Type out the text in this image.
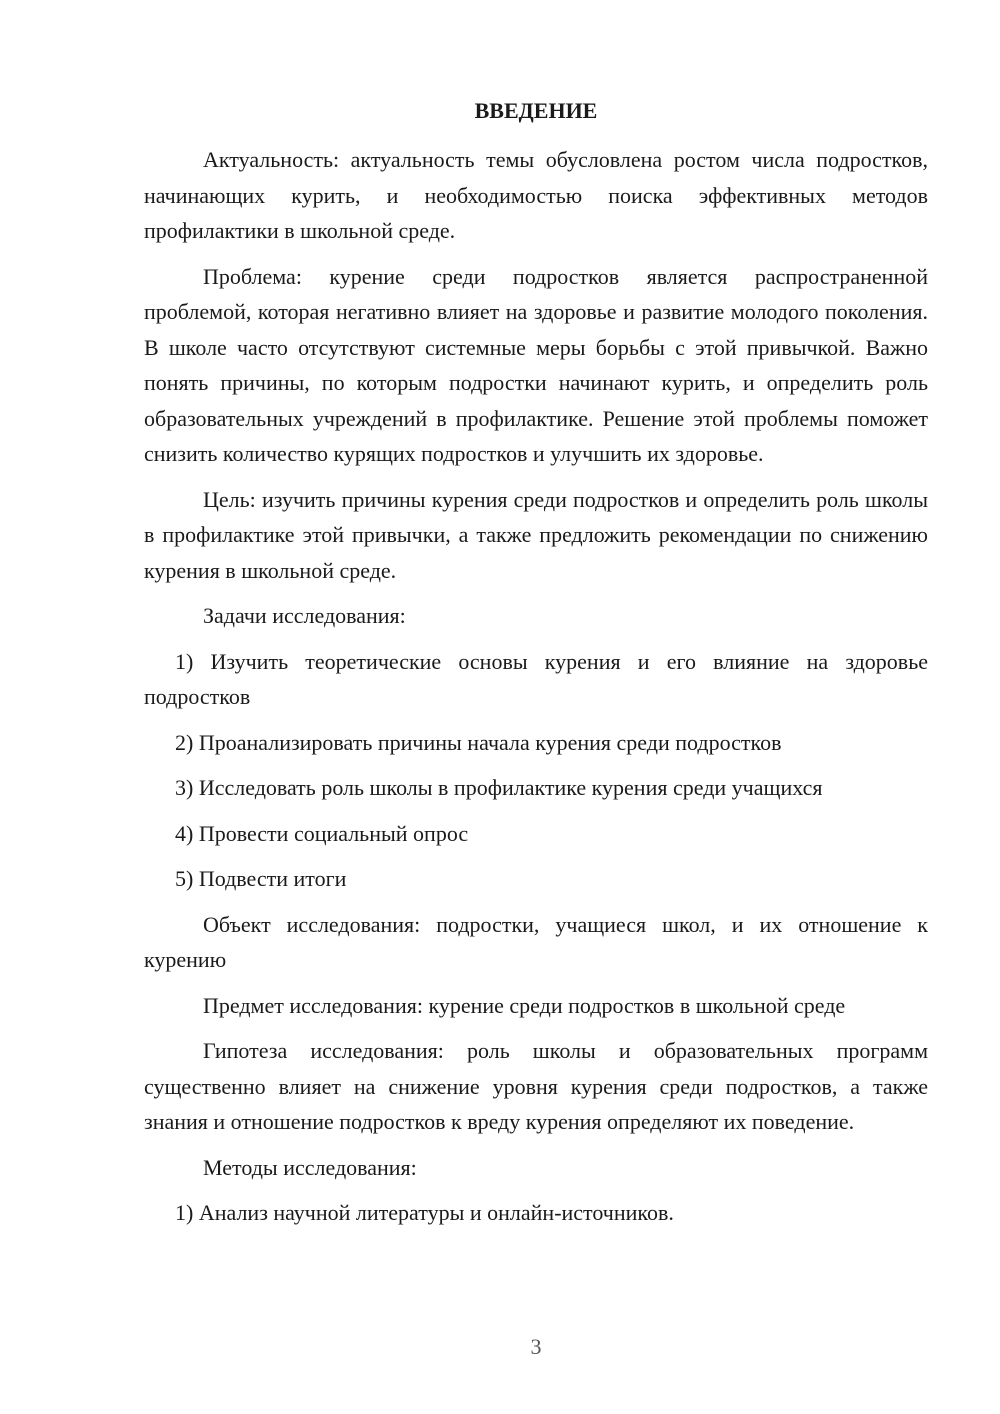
ВВЕДЕНИЕ

Актуальность: актуальность темы обусловлена ростом числа подростков, начинающих курить, и необходимостью поиска эффективных методов профилактики в школьной среде.

Проблема: курение среди подростков является распространенной проблемой, которая негативно влияет на здоровье и развитие молодого поколения. В школе часто отсутствуют системные меры борьбы с этой привычкой. Важно понять причины, по которым подростки начинают курить, и определить роль образовательных учреждений в профилактике. Решение этой проблемы поможет снизить количество курящих подростков и улучшить их здоровье.

Цель: изучить причины курения среди подростков и определить роль школы в профилактике этой привычки, а также предложить рекомендации по снижению курения в школьной среде.

Задачи исследования:

1) Изучить теоретические основы курения и его влияние на здоровье подростков

2) Проанализировать причины начала курения среди подростков

3) Исследовать роль школы в профилактике курения среди учащихся

4) Провести социальный опрос

5) Подвести итоги

Объект исследования: подростки, учащиеся школ, и их отношение к курению

Предмет исследования: курение среди подростков в школьной среде

Гипотеза исследования: роль школы и образовательных программ существенно влияет на снижение уровня курения среди подростков, а также знания и отношение подростков к вреду курения определяют их поведение.

Методы исследования:

1) Анализ научной литературы и онлайн-источников.

3
